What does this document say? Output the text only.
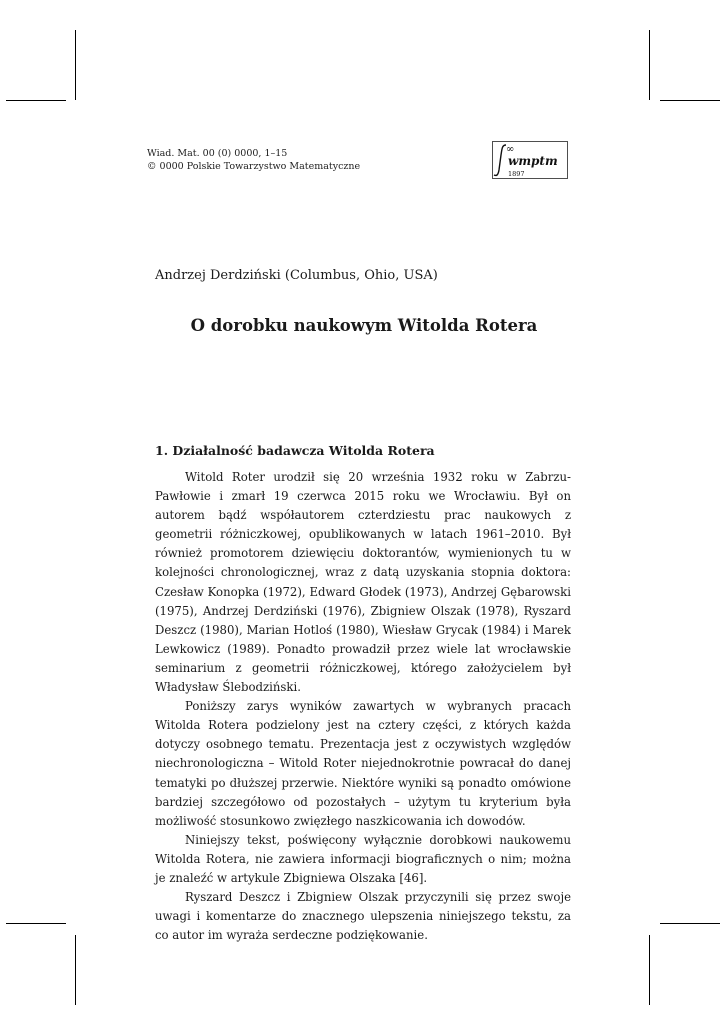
Wiad. Mat. 00 (0) 0000, 1–15
© 0000 Polskie Towarzystwo Matematyczne
∞
wmptm
1897
Andrzej Derdziński (Columbus, Ohio, USA)
O dorobku naukowym Witolda Rotera
1. Działalność badawcza Witolda Rotera

Witold Roter urodził się 20 września 1932 roku w Zabrzu-Pawłowie i zmarł 19 czerwca 2015 roku we Wrocławiu. Był on autorem bądź współautorem czterdziestu prac naukowych z geometrii różniczkowej, opublikowanych w latach 1961–2010. Był również promotorem dziewięciu doktorantów, wymienionych tu w kolejności chronologicznej, wraz z datą uzyskania stopnia doktora: Czesław Konopka (1972), Edward Głodek (1973), Andrzej Gębarowski (1975), Andrzej Derdziński (1976), Zbigniew Olszak (1978), Ryszard Deszcz (1980), Marian Hotloś (1980), Wiesław Grycak (1984) i Marek Lewkowicz (1989). Ponadto prowadził przez wiele lat wrocławskie seminarium z geometrii różniczkowej, którego założycielem był Władysław Ślebodziński.

Poniższy zarys wyników zawartych w wybranych pracach Witolda Rotera podzielony jest na cztery części, z których każda dotyczy osobnego tematu. Prezentacja jest z oczywistych względów niechronologiczna – Witold Roter niejednokrotnie powracał do danej tematyki po dłuższej przerwie. Niektóre wyniki są ponadto omówione bardziej szczegółowo od pozostałych – użytym tu kryterium była możliwość stosunkowo zwięzłego naszkicowania ich dowodów.

Niniejszy tekst, poświęcony wyłącznie dorobkowi naukowemu Witolda Rotera, nie zawiera informacji biograficznych o nim; można je znaleźć w artykule Zbigniewa Olszaka [46].

Ryszard Deszcz i Zbigniew Olszak przyczynili się przez swoje uwagi i komentarze do znacznego ulepszenia niniejszego tekstu, za co autor im wyraża serdeczne podziękowanie.
